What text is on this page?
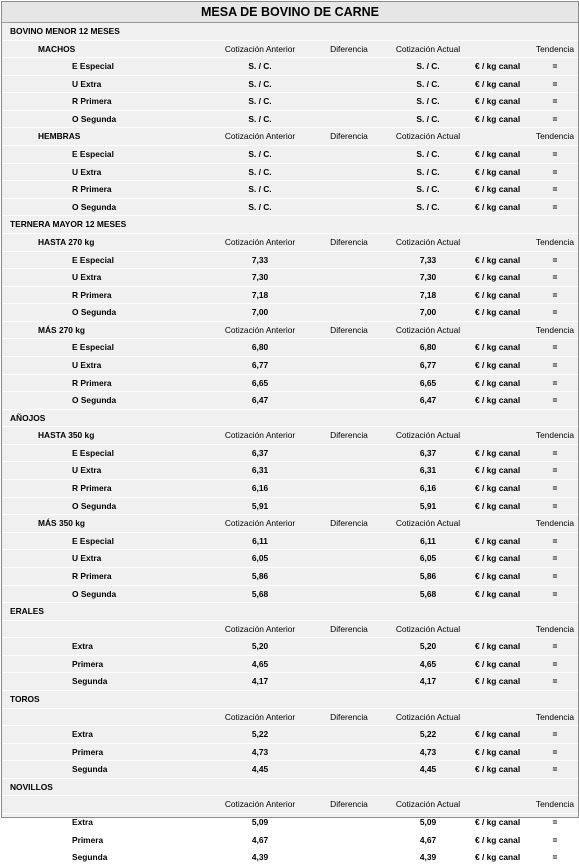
MESA DE BOVINO DE CARNE
BOVINO MENOR 12 MESES
MACHOS	Cotización Anterior	Diferencia	Cotización Actual	Tendencia
E Especial	S. / C.	S. / C.	€ / kg canal	=
U Extra	S. / C.	S. / C.	€ / kg canal	=
R Primera	S. / C.	S. / C.	€ / kg canal	=
O Segunda	S. / C.	S. / C.	€ / kg canal	=
HEMBRAS	Cotización Anterior	Diferencia	Cotización Actual	Tendencia
E Especial	S. / C.	S. / C.	€ / kg canal	=
U Extra	S. / C.	S. / C.	€ / kg canal	=
R Primera	S. / C.	S. / C.	€ / kg canal	=
O Segunda	S. / C.	S. / C.	€ / kg canal	=
TERNERA MAYOR 12 MESES
HASTA 270 kg	Cotización Anterior	Diferencia	Cotización Actual	Tendencia
E Especial	7,33	7,33	€ / kg canal	=
U Extra	7,30	7,30	€ / kg canal	=
R Primera	7,18	7,18	€ / kg canal	=
O Segunda	7,00	7,00	€ / kg canal	=
MÁS 270 kg	Cotización Anterior	Diferencia	Cotización Actual	Tendencia
E Especial	6,80	6,80	€ / kg canal	=
U Extra	6,77	6,77	€ / kg canal	=
R Primera	6,65	6,65	€ / kg canal	=
O Segunda	6,47	6,47	€ / kg canal	=
AÑOJOS
HASTA 350 kg	Cotización Anterior	Diferencia	Cotización Actual	Tendencia
E Especial	6,37	6,37	€ / kg canal	=
U Extra	6,31	6,31	€ / kg canal	=
R Primera	6,16	6,16	€ / kg canal	=
O Segunda	5,91	5,91	€ / kg canal	=
MÁS 350 kg	Cotización Anterior	Diferencia	Cotización Actual	Tendencia
E Especial	6,11	6,11	€ / kg canal	=
U Extra	6,05	6,05	€ / kg canal	=
R Primera	5,86	5,86	€ / kg canal	=
O Segunda	5,68	5,68	€ / kg canal	=
ERALES
Cotización Anterior	Diferencia	Cotización Actual	Tendencia
Extra	5,20	5,20	€ / kg canal	=
Primera	4,65	4,65	€ / kg canal	=
Segunda	4,17	4,17	€ / kg canal	=
TOROS
Cotización Anterior	Diferencia	Cotización Actual	Tendencia
Extra	5,22	5,22	€ / kg canal	=
Primera	4,73	4,73	€ / kg canal	=
Segunda	4,45	4,45	€ / kg canal	=
NOVILLOS
Cotización Anterior	Diferencia	Cotización Actual	Tendencia
Extra	5,09	5,09	€ / kg canal	=
Primera	4,67	4,67	€ / kg canal	=
Segunda	4,39	4,39	€ / kg canal	=
